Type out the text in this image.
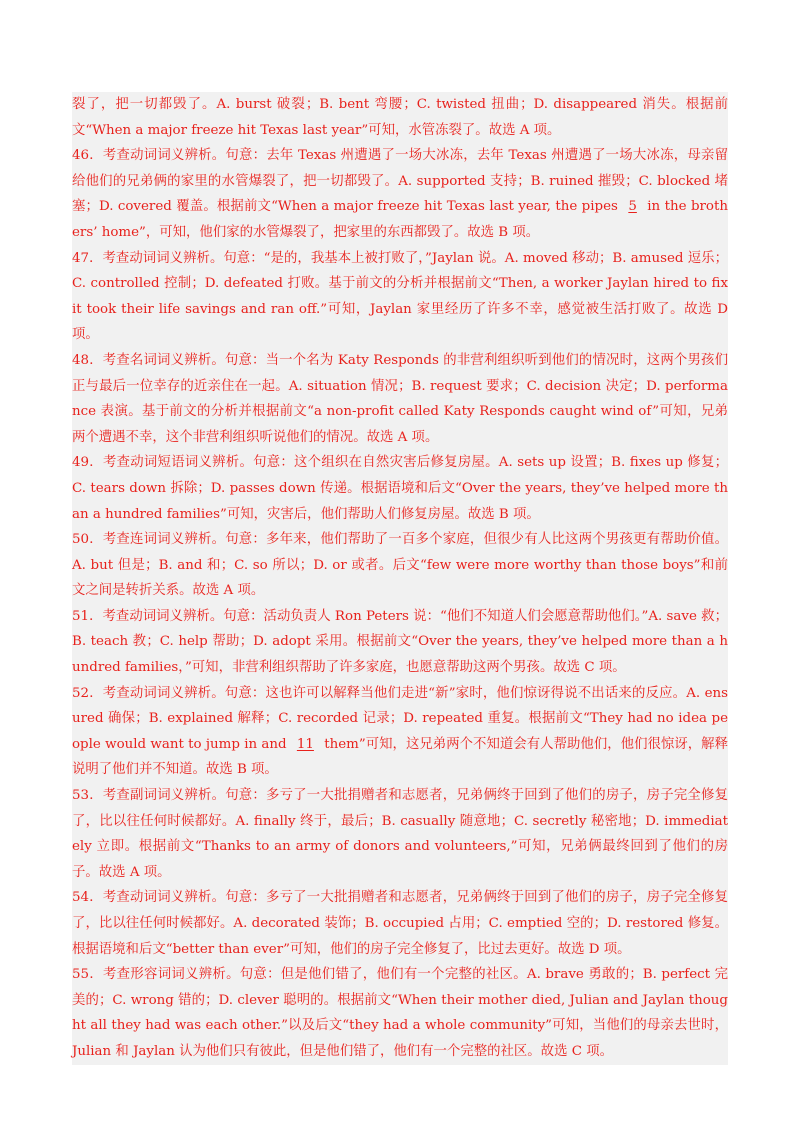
裂了，把一切都毁了。A. burst 破裂；B. bent 弯腰；C. twisted 扭曲；D. disappeared 消失。根据前文“When a major freeze hit Texas last year”可知，水管冻裂了。故选 A 项。

46．考查动词词义辨析。句意：去年 Texas 州遭遇了一场大冰冻，去年 Texas 州遭遇了一场大冰冻，母亲留给他们的兄弟俩的家里的水管爆裂了，把一切都毁了。A. supported 支持；B. ruined 摧毁；C. blocked 堵塞；D. covered 覆盖。根据前文“When a major freeze hit Texas last year, the pipes 5 in the brothers’ home”，可知，他们家的水管爆裂了，把家里的东西都毁了。故选 B 项。

47．考查动词词义辨析。句意：“是的，我基本上被打败了，”Jaylan 说。A. moved 移动；B. amused 逗乐；C. controlled 控制；D. defeated 打败。基于前文的分析并根据前文“Then, a worker Jaylan hired to fix it took their life savings and ran off.”可知，Jaylan 家里经历了许多不幸，感觉被生活打败了。故选 D 项。

48．考查名词词义辨析。句意：当一个名为 Katy Responds 的非营利组织听到他们的情况时，这两个男孩们正与最后一位幸存的近亲住在一起。A. situation 情况；B. request 要求；C. decision 决定；D. performance 表演。基于前文的分析并根据前文“a non-profit called Katy Responds caught wind of”可知，兄弟两个遭遇不幸，这个非营利组织听说他们的情况。故选 A 项。

49．考查动词短语词义辨析。句意：这个组织在自然灾害后修复房屋。A. sets up 设置；B. fixes up 修复；C. tears down 拆除；D. passes down 传递。根据语境和后文“Over the years, they’ve helped more than a hundred families”可知，灾害后，他们帮助人们修复房屋。故选 B 项。

50．考查连词词义辨析。句意：多年来，他们帮助了一百多个家庭，但很少有人比这两个男孩更有帮助价值。A. but 但是；B. and 和；C. so 所以；D. or 或者。后文“few were more worthy than those boys”和前文之间是转折关系。故选 A 项。

51．考查动词词义辨析。句意：活动负责人 Ron Peters 说：“他们不知道人们会愿意帮助他们。”A. save 救；B. teach 教；C. help 帮助；D. adopt 采用。根据前文“Over the years, they’ve helped more than a hundred families，”可知，非营利组织帮助了许多家庭，也愿意帮助这两个男孩。故选 C 项。

52．考查动词词义辨析。句意：这也许可以解释当他们走进“新”家时，他们惊讶得说不出话来的反应。A. ensured 确保；B. explained 解释；C. recorded 记录；D. repeated 重复。根据前文“They had no idea people would want to jump in and 11 them”可知，这兄弟两个不知道会有人帮助他们，他们很惊讶，解释说明了他们并不知道。故选 B 项。

53．考查副词词义辨析。句意：多亏了一大批捐赠者和志愿者，兄弟俩终于回到了他们的房子，房子完全修复了，比以往任何时候都好。A. finally 终于，最后；B. casually 随意地；C. secretly 秘密地；D. immediately 立即。根据前文“Thanks to an army of donors and volunteers,”可知，兄弟俩最终回到了他们的房子。故选 A 项。

54．考查动词词义辨析。句意：多亏了一大批捐赠者和志愿者，兄弟俩终于回到了他们的房子，房子完全修复了，比以往任何时候都好。A. decorated 装饰；B. occupied 占用；C. emptied 空的；D. restored 修复。根据语境和后文“better than ever”可知，他们的房子完全修复了，比过去更好。故选 D 项。

55．考查形容词词义辨析。句意：但是他们错了，他们有一个完整的社区。A. brave 勇敢的；B. perfect 完美的；C. wrong 错的；D. clever 聪明的。根据前文“When their mother died, Julian and Jaylan thought all they had was each other.”以及后文“they had a whole community”可知，当他们的母亲去世时，Julian 和 Jaylan 认为他们只有彼此，但是他们错了，他们有一个完整的社区。故选 C 项。
